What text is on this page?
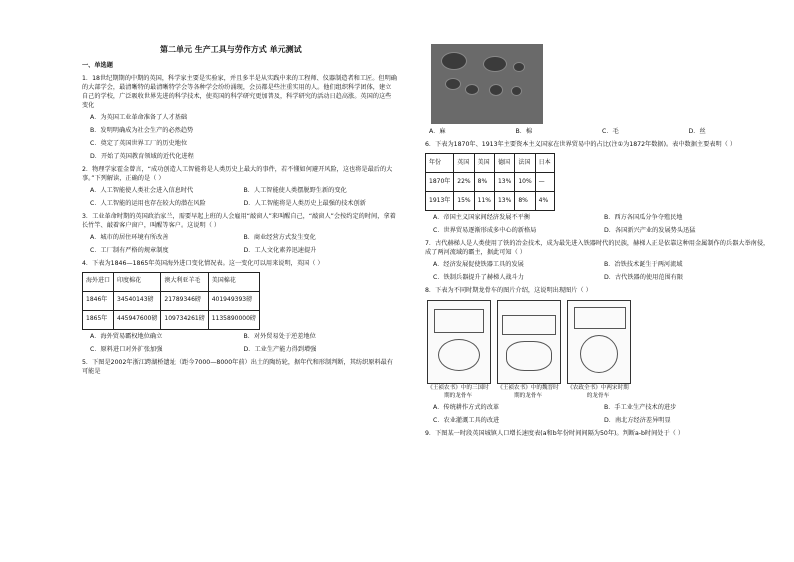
第二单元 生产工具与劳作方式 单元测试

一、单选题

1．18世纪期期的中期的英国，科学家主要是实验家，并且多半是从实践中来的工程师、仪器制造者和工匠。但明确的大部学会，最清晰特的最清晰特学会等各种学会纷纷涌现，会员都是些注重实用的人。他们组织科学团体，建立自己的学校，广泛吸收世界先进的科学技术，使英国的科学研究更加普及，科学研究的活动日趋高涨。英国的这些变化

A．为英国工业革命准备了人才基础
B．发明明确成为社会生产的必然趋势
C．奠定了英国世界工厂的历史地位
D．开始了英国教育领域的近代化进程

2．物理学家霍金曾言，“成功创造人工智能将是人类历史上最大的事件，若不懂如何避开风险，这也将是最后的大事。”下列解读，正确的是（ ）

A．人工智能使人类社会进入信息时代	B．人工智能使人类摆脱野生新的变化
C．人工智能的运用也存在较大的潜在风险	D．人工智能将是人类历史上最强的技术创新

3．工业革命时期的英国政治家兰，需要早起上班的人会雇用“敲窗人”来叫醒自己，“敲窗人”会按约定的时间，拿着长竹竿、敲着客户窗户，叫醒等客户。这说明（ ）

A．城市的居住环境有所改善	B．商业经营方式发生变化
C．工厂制有严格的规章制度	D．工人文化素养迅速提升

4．下表为1846—1865年英国海外进口变化情况表。这一变化可以用来说明，英国（ ）

海外进口	印度棉花	澳大利亚羊毛	美国棉花
1846年	34540143磅	21789346磅	401949393磅
1865年	445947600磅	109734261磅	1135890000磅
A．海外贸易霸权地位确立	B．对外贸易处于逆差地位
C．原料进口对外扩张加强	D．工业生产能力得到增强

5．下图是2002年浙江跨湖桥遗址（距今7000—8000年前）出土的陶纺轮，据年代和形制判断，其纺织原料最有可能是

A．麻	B．棉	C．毛	D．丝

6．下表为1870年、1913年主要资本主义国家在世界贸易中的占比(注①为1872年数据)。表中数据主要表明（ ）

年份	英国	美国	德国	法国	日本
1870年	22%	8%	13%	10%	—
1913年	15%	11%	13%	8%	4%
A．帝国主义国家间经济发展不平衡	B．西方各国瓜分争夺殖民地
C．世界贸易逐渐形成多中心的新格局	D．各国新兴产业的发展势头迅猛

7．古代赫梯人是人类使用了铁的冶金技术，成为最先进入铁器时代的民族，赫梯人正是依靠这种用金属制作的兵器大举南侵，成了两河流域的霸主，据此可知（ ）

A．经济发展促使铁器工具的发展	B．冶铁技术诞生于两河流域
C．铁制兵器提升了赫梯人战斗力	D．古代铁器的使用范围有限

8．下表为不同时期龙骨车的图片介绍，这说明出现图片（ ）

《王祯农书》中的三国时期的龙骨车
《王祯农书》中的魏晋时期的龙骨车
《农政全书》中两宋时期的龙骨车
A．传统耕作方式的改革	B．手工业生产技术的进步
C．农业灌溉工具的改进	D．南北方经济差异明显

9．下图某一时段英国城镇人口增长速度表(a和b年份时间间隔为50年)。判断a-b时间处于（ ）
